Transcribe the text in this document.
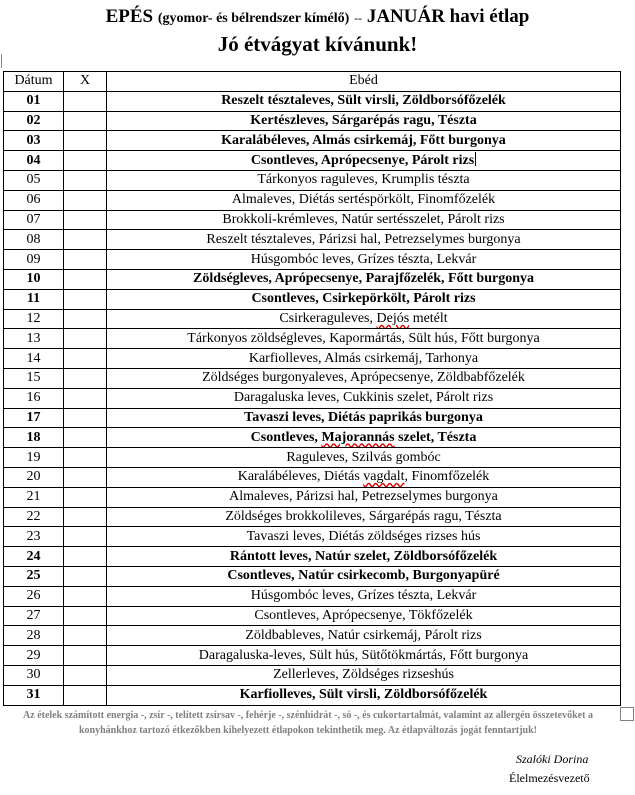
EPÉS (gyomor- és bélrendszer kímélő) -- JANUÁR havi étlap
Jó étvágyat kívánunk!
Dátum	X	Ebéd
01		Reszelt tésztaleves, Sült virsli, Zöldborsófőzelék
02		Kertészleves, Sárgarépás ragu, Tészta
03		Karalábéleves, Almás csirkemáj, Főtt burgonya
04		Csontleves, Aprópecsenye, Párolt rizs
05		Tárkonyos raguleves, Krumplis tészta
06		Almaleves, Diétás sertéspörkölt, Finomfőzelék
07		Brokkoli-krémleves, Natúr sertésszelet, Párolt rizs
08		Reszelt tésztaleves, Párizsi hal, Petrezselymes burgonya
09		Húsgombóc leves, Grízes tészta, Lekvár
10		Zöldségleves, Aprópecsenye, Parajfőzelék, Főtt burgonya
11		Csontleves, Csirkepörkölt, Párolt rizs
12		Csirkeraguleves, Dejós metélt
13		Tárkonyos zöldségleves, Kapormártás, Sült hús, Főtt burgonya
14		Karfiolleves, Almás csirkemáj, Tarhonya
15		Zöldséges burgonyaleves, Aprópecsenye, Zöldbabfőzelék
16		Daragaluska leves, Cukkinis szelet, Párolt rizs
17		Tavaszi leves, Diétás paprikás burgonya
18		Csontleves, Majorannás szelet, Tészta
19		Raguleves, Szilvás gombóc
20		Karalábéleves, Diétás vagdalt, Finomfőzelék
21		Almaleves, Párizsi hal, Petrezselymes burgonya
22		Zöldséges brokkolileves, Sárgarépás ragu, Tészta
23		Tavaszi leves, Diétás zöldséges rizses hús
24		Rántott leves, Natúr szelet, Zöldborsófőzelék
25		Csontleves, Natúr csirkecomb, Burgonyapüré
26		Húsgombóc leves, Grízes tészta, Lekvár
27		Csontleves, Aprópecsenye, Tökfőzelék
28		Zöldbableves, Natúr csirkemáj, Párolt rizs
29		Daragaluska-leves, Sült hús, Sütőtökmártás, Főtt burgonya
30		Zellerleves, Zöldséges rizseshús
31		Karfiolleves, Sült virsli, Zöldborsófőzelék
Az ételek számított energia -, zsír -, telített zsírsav -, fehérje -, szénhidrát -, só -, és cukortartalmát, valamint az allergén összetevőket a konyhánkhoz tartozó étkezőkben kihelyezett étlapokon tekinthetik meg. Az étlapváltozás jogát fenntartjuk!
Szalóki Dorina
Élelmezésvezető
